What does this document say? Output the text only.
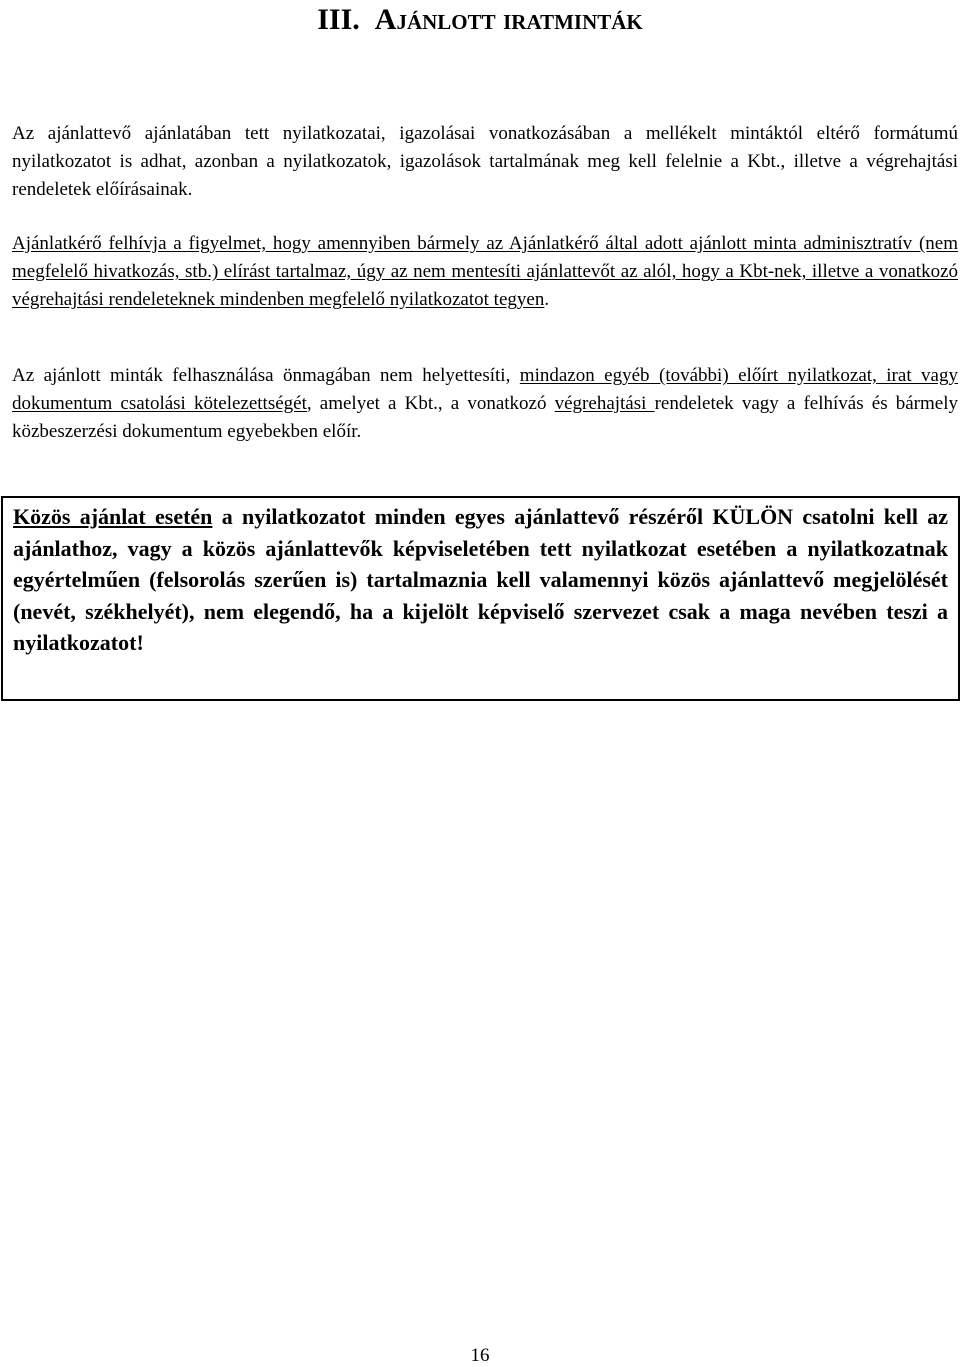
III. Ajánlott iratminták

Az ajánlattevő ajánlatában tett nyilatkozatai, igazolásai vonatkozásában a mellékelt mintáktól eltérő formátumú nyilatkozatot is adhat, azonban a nyilatkozatok, igazolások tartalmának meg kell felelnie a Kbt., illetve a végrehajtási rendeletek előírásainak.

Ajánlatkérő felhívja a figyelmet, hogy amennyiben bármely az Ajánlatkérő által adott ajánlott minta adminisztratív (nem megfelelő hivatkozás, stb.) elírást tartalmaz, úgy az nem mentesíti ajánlattevőt az alól, hogy a Kbt-nek, illetve a vonatkozó végrehajtási rendeleteknek mindenben megfelelő nyilatkozatot tegyen.

Az ajánlott minták felhasználása önmagában nem helyettesíti, mindazon egyéb (további) előírt nyilatkozat, irat vagy dokumentum csatolási kötelezettségét, amelyet a Kbt., a vonatkozó végrehajtási rendeletek vagy a felhívás és bármely közbeszerzési dokumentum egyebekben előír.

Közös ajánlat esetén a nyilatkozatot minden egyes ajánlattevő részéről KÜLÖN csatolni kell az ajánlathoz, vagy a közös ajánlattevők képviseletében tett nyilatkozat esetében a nyilatkozatnak egyértelműen (felsorolás szerűen is) tartalmaznia kell valamennyi közös ajánlattevő megjelölését (nevét, székhelyét), nem elegendő, ha a kijelölt képviselő szervezet csak a maga nevében teszi a nyilatkozatot!

16
